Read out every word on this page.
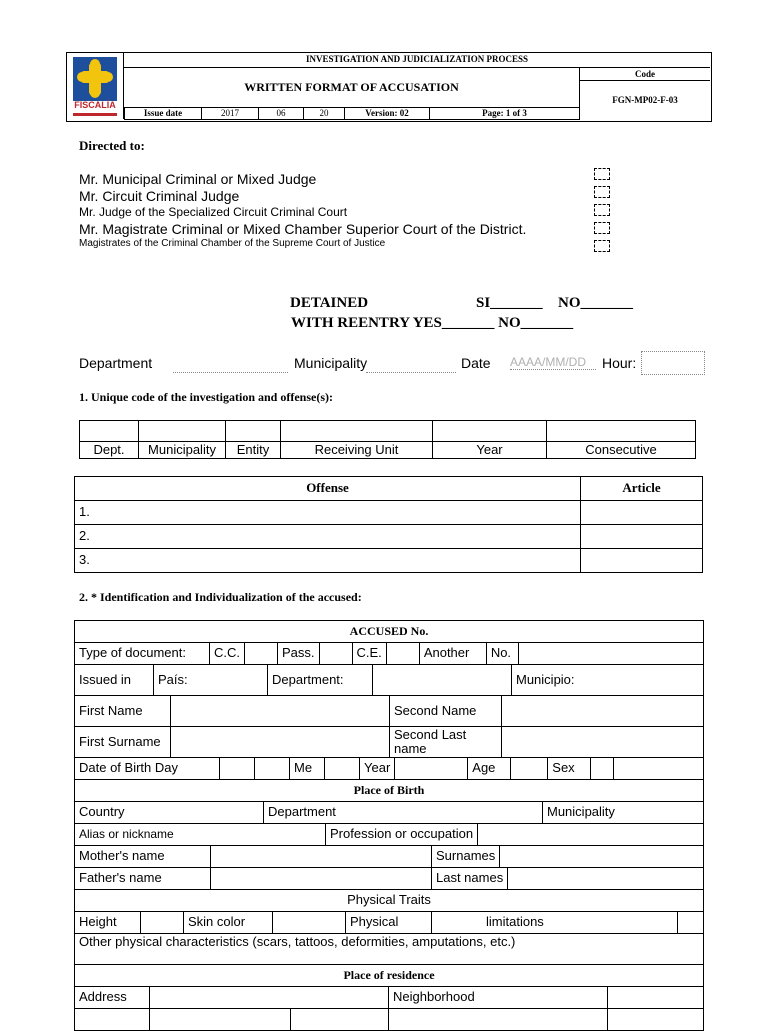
FISCALÍA
INVESTIGATION AND JUDICIALIZATION PROCESS
WRITTEN FORMAT OF ACCUSATION
Code
FGN-MP02-F-03
Issue date	2017	06	20	Version: 02	Page: 1 of 3
Directed to:
Mr. Municipal Criminal or Mixed Judge
Mr. Circuit Criminal Judge
Mr. Judge of the Specialized Circuit Criminal Court
Mr. Magistrate Criminal or Mixed Chamber Superior Court of the District.
Magistrates of the Criminal Chamber of the Supreme Court of Justice
DETAINED	SI_______ NO_______
WITH REENTRY YES_______ NO_______
Department	Municipality	Date AAAA/MM/DD	Hour:
1. Unique code of the investigation and offense(s):

Dept.	Municipality	Entity	Receiving Unit	Year	Consecutive
Offense	Article
1.	
2.	
3.	
2. * Identification and Individualization of the accused:
ACCUSED No.
Type of document:	C.C.		Pass.		C.E.		Another	No.	
Issued in	País:	Department:		Municipio:
First Name		Second Name	
First Surname		Second Last name	
Date of Birth Day			Me		Year		Age		Sex		
Place of Birth
Country	Department	Municipality
Alias or nickname	Profession or occupation	
Mother's name		Surnames	
Father's name		Last names	
Physical Traits
Height		Skin color		Physical	limitations	
Other physical characteristics (scars, tattoos, deformities, amputations, etc.)
Place of residence
Address		Neighborhood	
